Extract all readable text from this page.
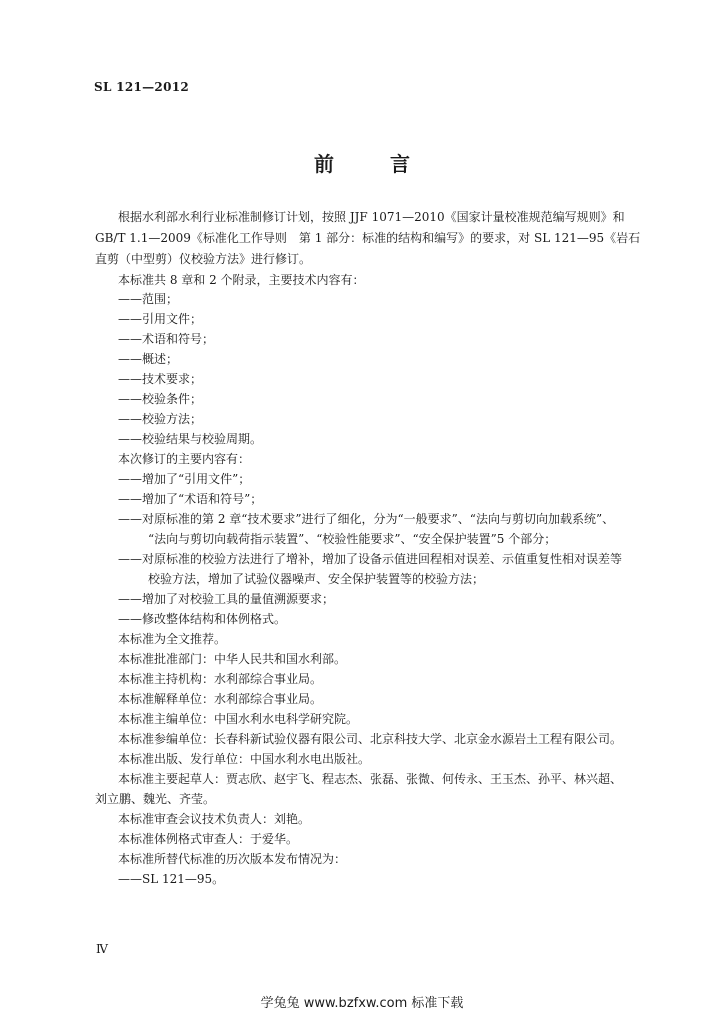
SL 121—2012
前　言
根据水利部水利行业标准制修订计划，按照 JJF 1071—2010《国家计量校准规范编写规则》和
GB/T 1.1—2009《标准化工作导则　第 1 部分：标准的结构和编写》的要求，对 SL 121—95《岩石
直剪（中型剪）仪校验方法》进行修订。
本标准共 8 章和 2 个附录，主要技术内容有：
——范围；
——引用文件；
——术语和符号；
——概述；
——技术要求；
——校验条件；
——校验方法；
——校验结果与校验周期。
本次修订的主要内容有：
——增加了“引用文件”；
——增加了“术语和符号”；
——对原标准的第 2 章“技术要求”进行了细化，分为“一般要求”、“法向与剪切向加载系统”、
“法向与剪切向载荷指示装置”、“校验性能要求”、“安全保护装置”5 个部分；
——对原标准的校验方法进行了增补，增加了设备示值进回程相对误差、示值重复性相对误差等
校验方法，增加了试验仪器噪声、安全保护装置等的校验方法；
——增加了对校验工具的量值溯源要求；
——修改整体结构和体例格式。
本标准为全文推荐。
本标准批准部门：中华人民共和国水利部。
本标准主持机构：水利部综合事业局。
本标准解释单位：水利部综合事业局。
本标准主编单位：中国水利水电科学研究院。
本标准参编单位：长春科新试验仪器有限公司、北京科技大学、北京金水源岩土工程有限公司。
本标准出版、发行单位：中国水利水电出版社。
本标准主要起草人：贾志欣、赵宇飞、程志杰、张磊、张微、何传永、王玉杰、孙平、林兴超、
刘立鹏、魏光、齐莹。
本标准审查会议技术负责人：刘艳。
本标准体例格式审查人：于爱华。
本标准所替代标准的历次版本发布情况为：
——SL 121—95。
Ⅳ
学兔兔 www.bzfxw.com 标准下载
